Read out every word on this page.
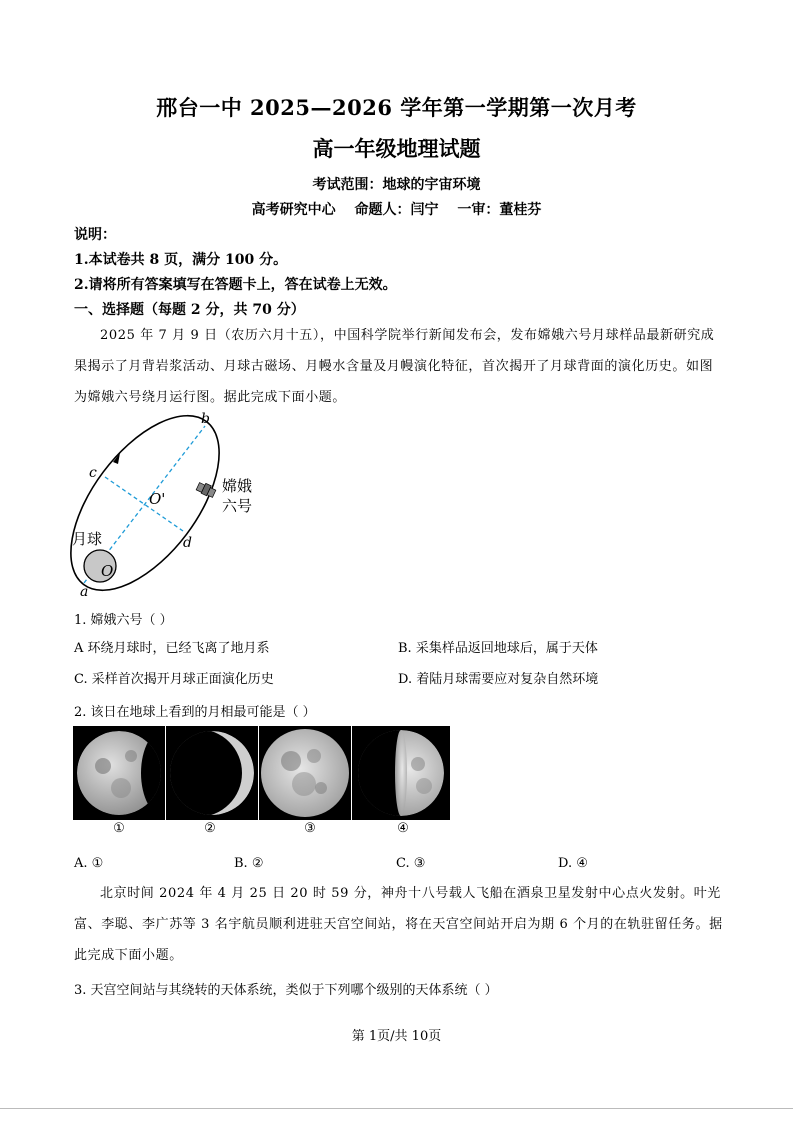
邢台一中 2025—2026 学年第一学期第一次月考
高一年级地理试题
考试范围：地球的宇宙环境
高考研究中心 命题人：闫宁 一审：董桂芬
说明：
1.本试卷共 8 页，满分 100 分。
2.请将所有答案填写在答题卡上，答在试卷上无效。
一、选择题（每题 2 分，共 70 分）
2025 年 7 月 9 日（农历六月十五），中国科学院举行新闻发布会，发布嫦娥六号月球样品最新研究成果揭示了月背岩浆活动、月球古磁场、月幔水含量及月幔演化特征，首次揭开了月球背面的演化历史。如图为嫦娥六号绕月运行图。据此完成下面小题。
b
c
O'
d
a
O
月球
嫦娥
六号
1. 嫦娥六号（ ）
A 环绕月球时，已经飞离了地月系	B. 采集样品返回地球后，属于天体
C. 采样首次揭开月球正面演化历史	D. 着陆月球需要应对复杂自然环境
2. 该日在地球上看到的月相最可能是（ ）
①	②	③	④
A. ①	B. ②	C. ③	D. ④
北京时间 2024 年 4 月 25 日 20 时 59 分，神舟十八号载人飞船在酒泉卫星发射中心点火发射。叶光富、李聪、李广苏等 3 名宇航员顺利进驻天宫空间站，将在天宫空间站开启为期 6 个月的在轨驻留任务。据此完成下面小题。
3. 天宫空间站与其绕转的天体系统，类似于下列哪个级别的天体系统（ ）
第 1页/共 10页
